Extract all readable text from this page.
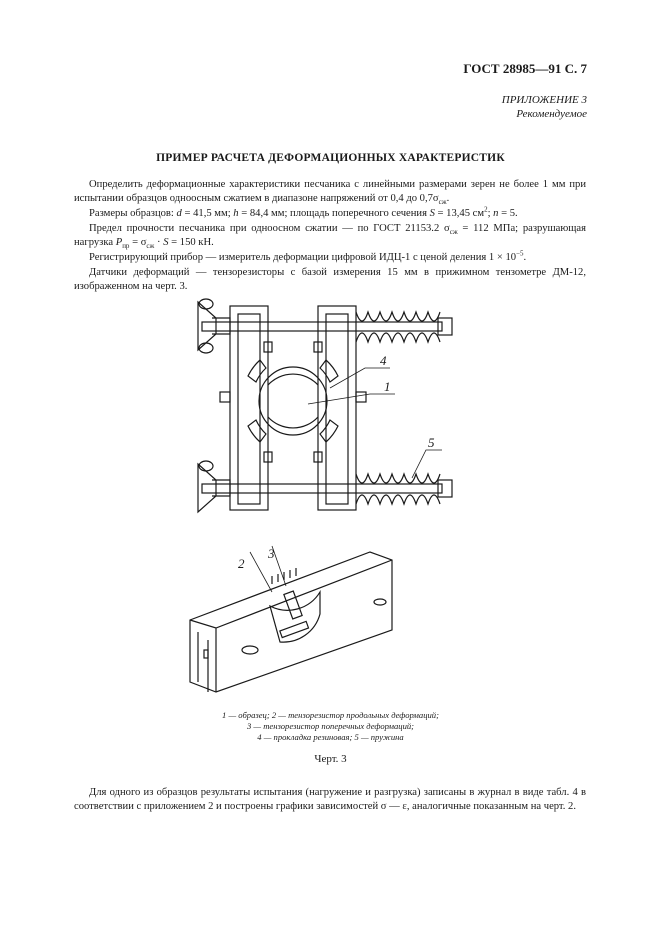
ГОСТ 28985—91 С. 7
ПРИЛОЖЕНИЕ 3
Рекомендуемое
ПРИМЕР РАСЧЕТА ДЕФОРМАЦИОННЫХ ХАРАКТЕРИСТИК

Определить деформационные характеристики песчаника с линейными размерами зерен не более 1 мм при испытании образцов одноосным сжатием в диапазоне напряжений от 0,4 до $0,7\sigma_{сж}$.

Размеры образцов: d = 41,5 мм; h = 84,4 мм; площадь поперечного сечения S = 13,45 $см^2$; n = 5.

Предел прочности песчаника при одноосном сжатии — по ГОСТ 21153.2 $\sigma_{сж} = 112$ МПа; разрушающая нагрузка $P_{пр} = \sigma_{сж} \cdot S = 150$ кН.

Регистрирующий прибор — измеритель деформации цифровой ИДЦ-1 с ценой деления $1 \times 10^{-5}$.

Датчики деформаций — тензорезисторы с базой измерения 15 мм в прижимном тензометре ДМ-12, изображенном на черт. 3.

4
1
5
2
3
1 — образец; 2 — тензорезистор продольных деформаций;
3 — тензорезистор поперечных деформаций;
4 — прокладка резиновая; 5 — пружина
Черт. 3

Для одного из образцов результаты испытания (нагружение и разгрузка) записаны в журнал в виде табл. 4 в соответствии с приложением 2 и построены графики зависимостей σ — ε, аналогичные показанным на черт. 2.
